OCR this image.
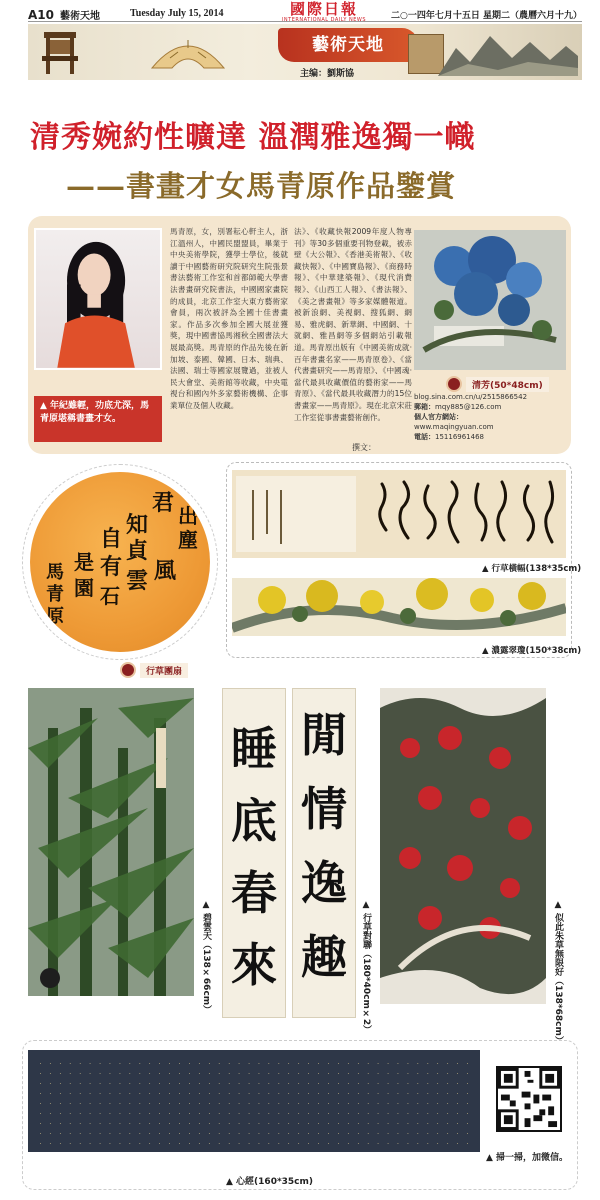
A10 藝術天地	Tuesday July 15, 2014	國際日報
INTERNATIONAL DAILY NEWS	二○一四年七月十五日 星期二（農曆六月十九）
藝術天地
主编：劉斯協
清秀婉約性曠達 溫潤雅逸獨一幟
——書畫才女馬青原作品鑒賞
▲ 年紀雖輕，功底尤深，馬青原堪稱書畫才女。
馬青原，女，別署耘心軒主人，浙江溫州人，中國民盟盟員，畢業于中央美術學院，獲學士學位，後就讀于中國藝術研究院研究生院張景書法藝術工作室和首都師範大學書法書畫研究院書法，中國國家畫院的成員，北京工作室大東方藝術家會員，兩次被評為全國十佳書畫家。作品多次參加全國大展並獲獎，現中國書協馬湘秋全國書法大展最高獎。馬青原的作品先後在新加坡、泰國、韓國、日本、瑞典、法國、瑞士等國家展覽過，並被人民大會堂、美術館等收藏，中央電視台和國內外多家藝術機構、企事業單位及個人收藏。
法》、《收藏快報2009年度人物專刊》等30多個重要刊物登載，被赤壁《大公報》、《香港美術報》、《收藏快報》、《中國寶島報》、《商務時報》、《中華建築報》、《現代消費報》、《山西工人報》、《書法報》、《美之書畫報》等多家媒體報道。被新浪網、美視網、搜狐網、網易、雅虎網、新華網、中國網、十就網、雅昌網等多個網站引載報道。馬青原出版有《中國美術成就·百年書畫名家——馬青原卷》、《當代書畫研究——馬青原》、《中國魂·當代最具收藏價值的藝術家——馬青原》、《當代最具收藏潛力的15位書畫家——馬青原》。現在北京宋莊工作室從事書畫藝術創作。
清芳(50*48cm)
blog.sina.com.cn/u/2515866542
郵箱：mqy885@126.com
個人官方網站：
www.maqingyuan.com
電話：15116961468
撰文：
出
塵
君
知
貞
自
有
雲 風
是
園 石
馬
青
原
行草團扇
▲ 行草橫幅(138*35cm)
▲ 濃露翠瓊(150*38cm)
▲ 碧雲天（138×66cm）
睡
底
春
來
閒
情
逸
趣 ▲ 行草對聯（180*40cm×2）	▲ 似此朱草無限好（138*68cm）
·	·	·	·	·	·	·	·	·	·	·	·	·	·	·	·	·	·	·	·	·	·	·	·	·	·	·	·	·	·	·	·	·	·	·	·	·	·	·	·	·	·	·	·
·	·	·	·	·	·	·	·	·	·	·	·	·	·	·	·	·	·	·	·	·	·	·	·	·	·	·	·	·	·	·	·	·	·	·	·	·	·	·	·	·	·	·	·
·	·	·	·	·	·	·	·	·	·	·	·	·	·	·	·	·	·	·	·	·	·	·	·	·	·	·	·	·	·	·	·	·	·	·	·	·	·	·	·	·	·	·	·
·	·	·	·	·	·	·	·	·	·	·	·	·	·	·	·	·	·	·	·	·	·	·	·	·	·	·	·	·	·	·	·	·	·	·	·	·	·	·	·	·	·	·	·
·	·	·	·	·	·	·	·	·	·	·	·	·	·	·	·	·	·	·	·	·	·	·	·	·	·	·	·	·	·	·	·	·	·	·	·	·	·	·	·	·	·	·	·
·	·	·	·	·	·	·	·	·	·	·	·	·	·	·	·	·	·	·	·	·	·	·	·	·	·	·	·	·	·	·	·	·	·	·	·	·	·	·	·	·	·	·	·
·	·	·	·	·	·	·	·	·	·	·	·	·	·	·	·	·	·	·	·	·	·	·	·	·	·	·	·	·	·	·	·	·	·	·	·	·	·	·	·	·	·	·	·
·	·	·	·	·	·	·	·	·	·	·	·	·	·	·	·	·	·	·	·	·	·	·	·	·	·	·	·	·	·	·	·	·	·	·	·	·	·	·	·	·	·	·	·
·	·	·	·	·	·	·	·	·	·	·	·	·	·	·	·	·	·	·	·	·	·	·	·	·	·	·	·	·	·	·	·	·	·	·	·	·	·	·	·	·	·	·	·
▲ 掃一掃，加微信。
▲ 心經(160*35cm)
